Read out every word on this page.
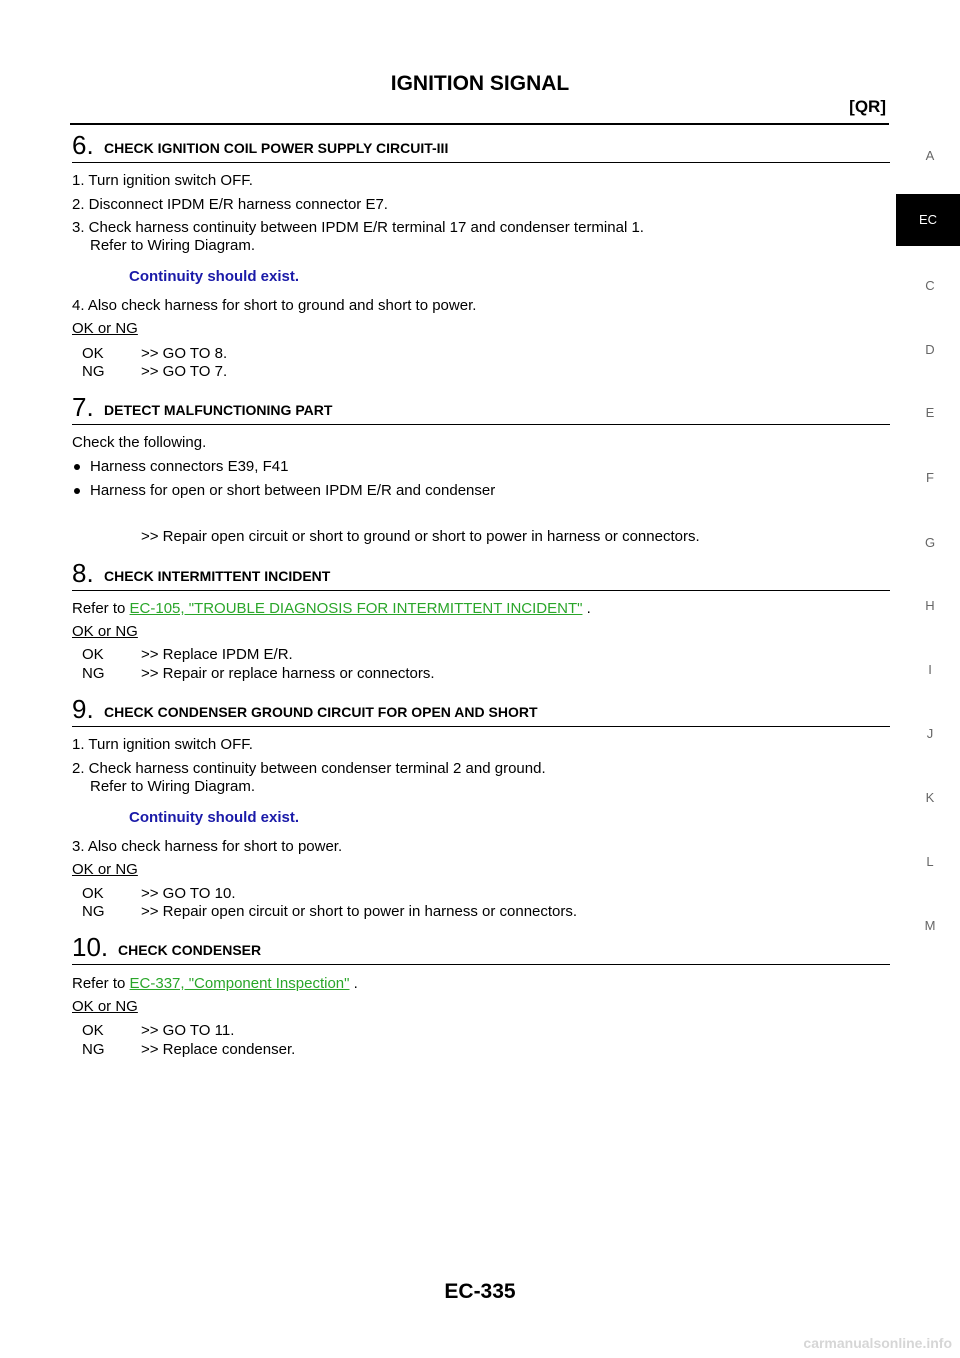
IGNITION SIGNAL
[QR]
A
EC
C
D
E
F
G
H
I
J
K
L
M
6. CHECK IGNITION COIL POWER SUPPLY CIRCUIT-III
1. Turn ignition switch OFF.
2. Disconnect IPDM E/R harness connector E7.
3. Check harness continuity between IPDM E/R terminal 17 and condenser terminal 1.
Refer to Wiring Diagram.
Continuity should exist.
4. Also check harness for short to ground and short to power.
OK or NG
OK >> GO TO 8.
NG >> GO TO 7.
7. DETECT MALFUNCTIONING PART
Check the following.
Harness connectors E39, F41
Harness for open or short between IPDM E/R and condenser
>> Repair open circuit or short to ground or short to power in harness or connectors.
8. CHECK INTERMITTENT INCIDENT
Refer to EC-105, "TROUBLE DIAGNOSIS FOR INTERMITTENT INCIDENT" .
OK or NG
OK >> Replace IPDM E/R.
NG >> Repair or replace harness or connectors.
9. CHECK CONDENSER GROUND CIRCUIT FOR OPEN AND SHORT
1. Turn ignition switch OFF.
2. Check harness continuity between condenser terminal 2 and ground.
Refer to Wiring Diagram.
Continuity should exist.
3. Also check harness for short to power.
OK or NG
OK >> GO TO 10.
NG >> Repair open circuit or short to power in harness or connectors.
10. CHECK CONDENSER
Refer to EC-337, "Component Inspection" .
OK or NG
OK >> GO TO 11.
NG >> Replace condenser.
EC-335
carmanualsonline.info
